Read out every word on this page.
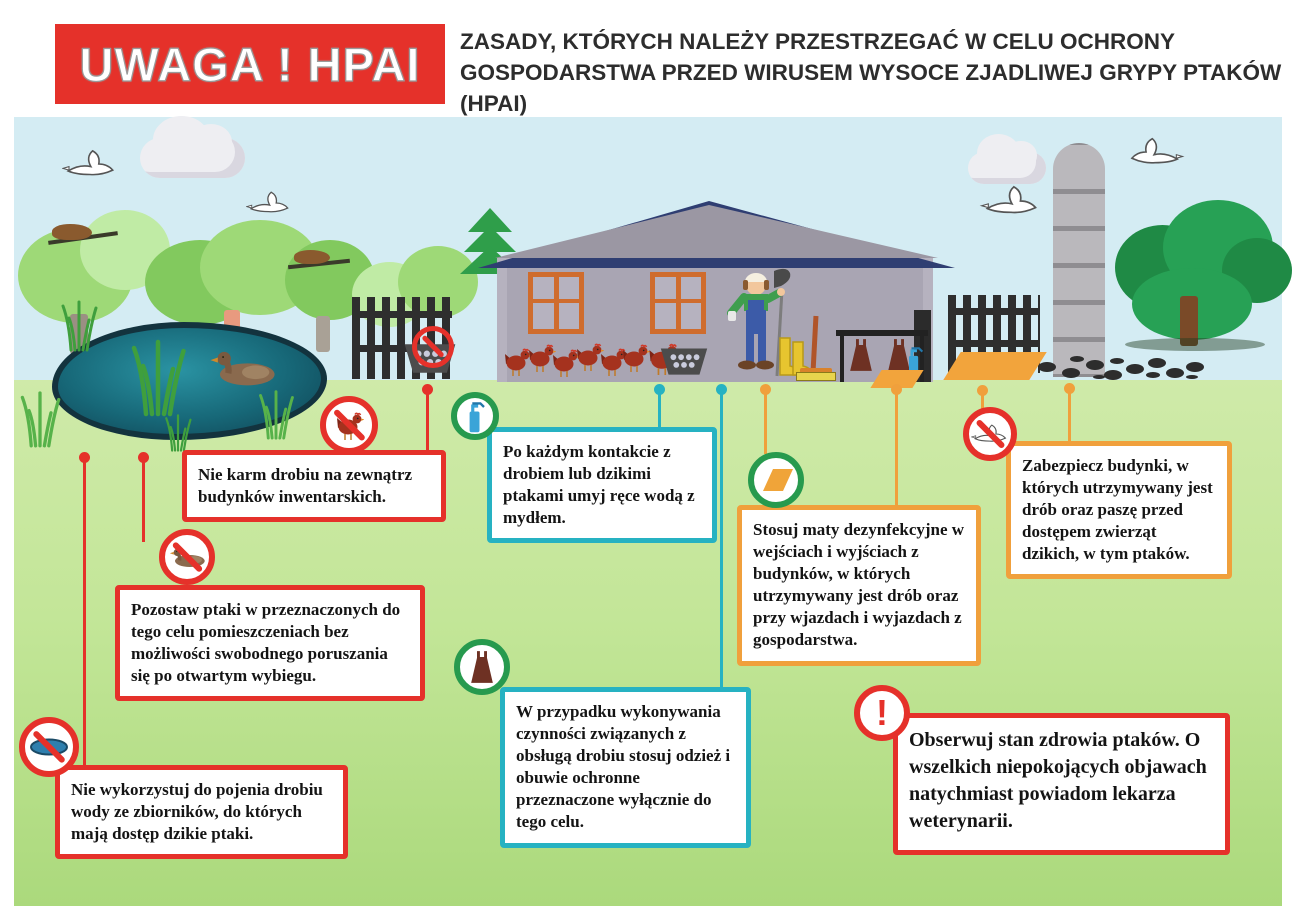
UWAGA ! HPAI ZASADY, KTÓRYCH NALEŻY PRZESTRZEGAĆ W CELU OCHRONY GOSPODARSTWA PRZED WIRUSEM WYSOCE ZJADLIWEJ GRYPY PTAKÓW (HPAI)
Nie karm drobiu na zewnątrz budynków inwentarskich.
Po każdym kontakcie z drobiem lub dzikimi ptakami umyj ręce wodą z mydłem.
Stosuj maty dezynfekcyjne w wejściach i wyjściach z budynków, w których utrzymywany jest drób oraz przy wjazdach i wyjazdach z gospodarstwa.
Zabezpiecz budynki, w których utrzymywany jest drób oraz paszę przed dostępem zwierząt dzikich, w tym ptaków.
Pozostaw ptaki w przeznaczonych do tego celu pomieszczeniach bez możliwości swobodnego poruszania się po otwartym wybiegu.
W przypadku wykonywania czynności związanych z obsługą drobiu stosuj odzież i obuwie ochronne przeznaczone wyłącznie do tego celu.
Nie wykorzystuj do pojenia drobiu wody ze zbiorników, do których mają dostęp dzikie ptaki.
Obserwuj stan zdrowia ptaków. O wszelkich niepokojących objawach natychmiast powiadom lekarza weterynarii.
!
